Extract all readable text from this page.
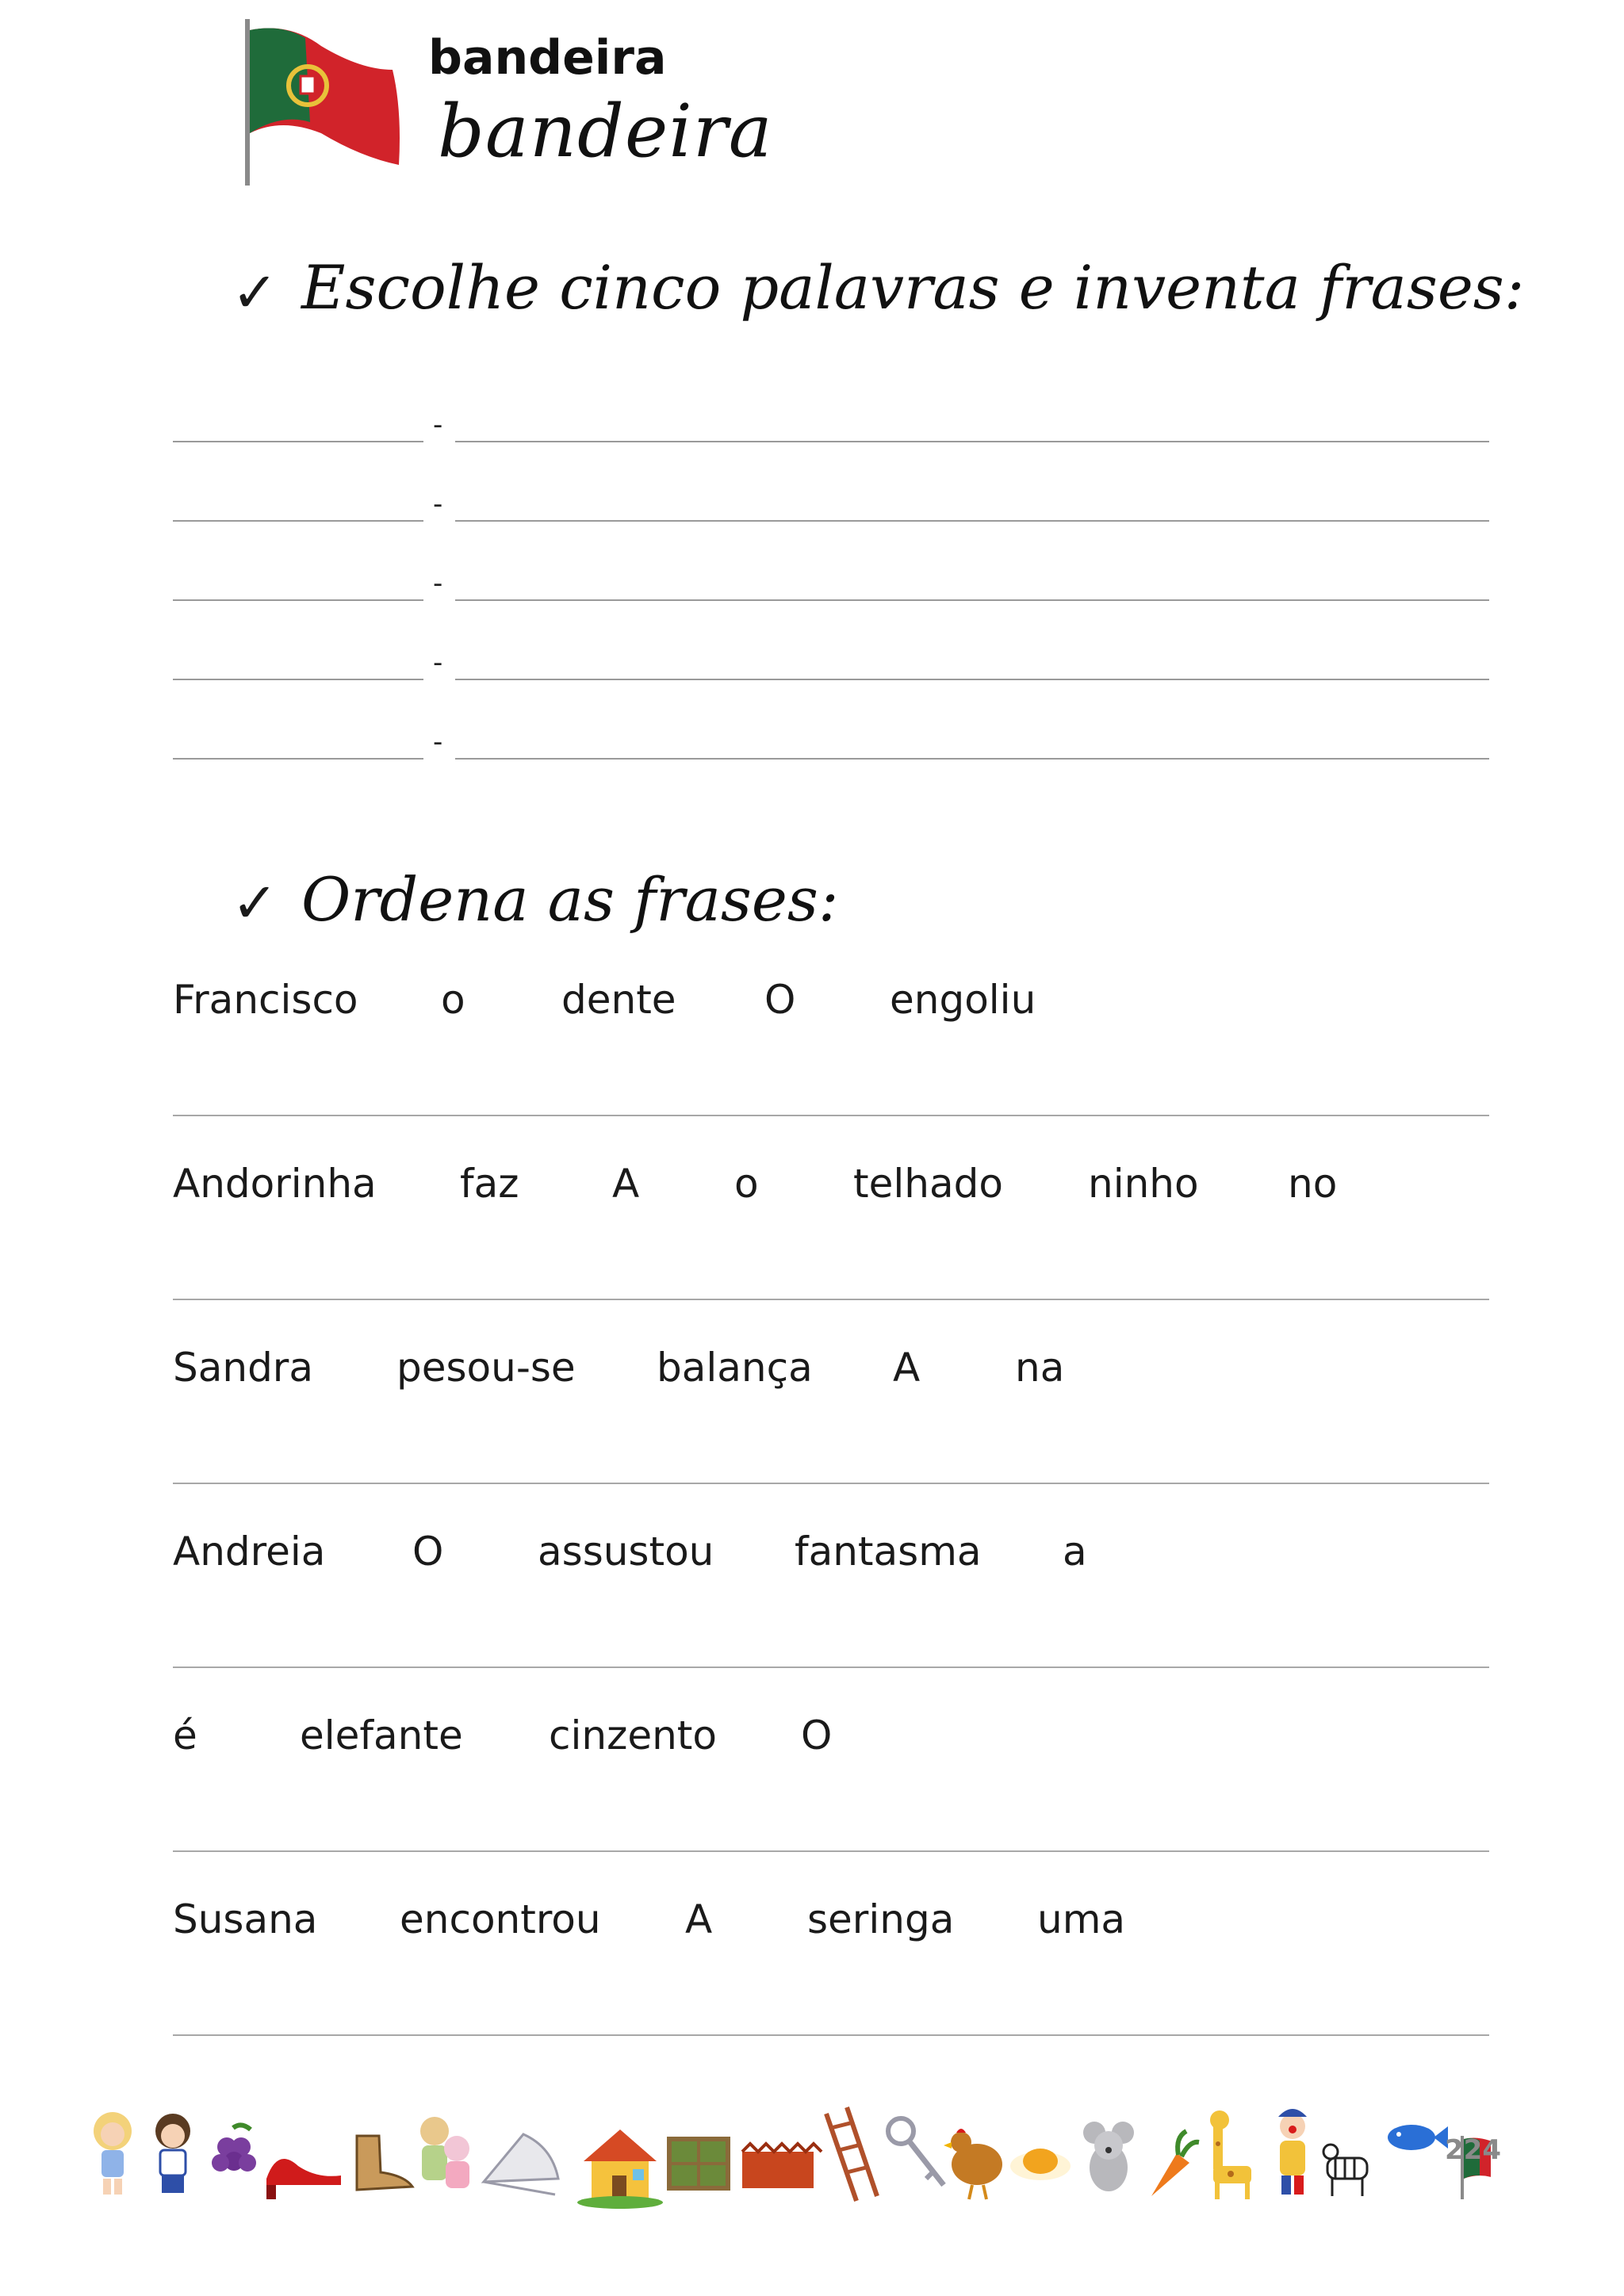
bandeira
bandeira
✓ Escolhe cinco palavras e inventa frases:
-
-
-
-
-
✓ Ordena as frases:
Francisco o dente O engoliu
Andorinha faz A o telhado ninho no
Sandra pesou-se balança A na
Andreia O assustou fantasma a
é	elefante cinzento O
Susana encontrou A seringa uma
224
